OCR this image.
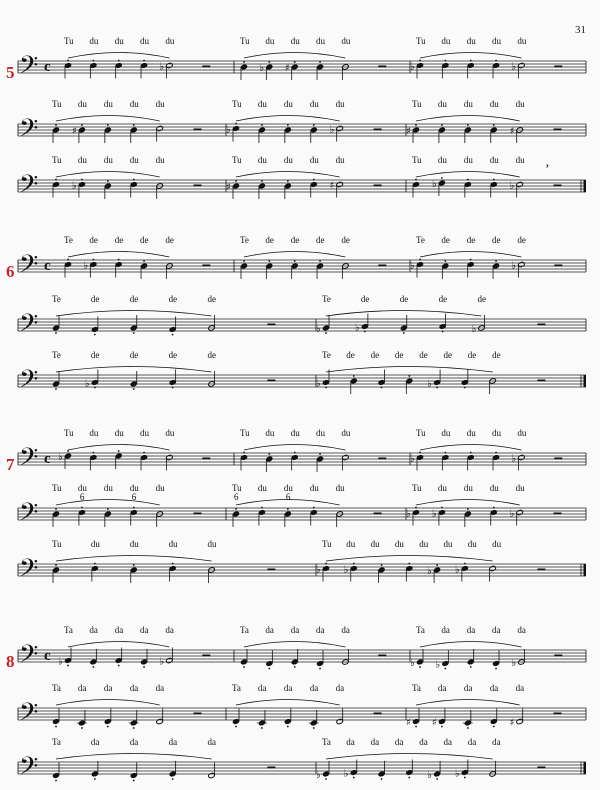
31
5 𝄢 c	♭
Tu du du du du
♭ ♯
Tu du du du du
♭	♭
Tu du du du du
𝄢	♯
Tu du du du du
♭	♭
Tu du du du du
♯	♯
Tu du du du du
𝄢	♭
Tu du du du du
♯	♯
Tu du du du du
♭	♭
Tu du du du du ,
6 𝄢 c	♭
Te de de de de	Te de de de de
♭	♭
Te de de de de
𝄢
Te	de	de	de	de
♭	♭	♭
Te	de	de	de	de
𝄢	♭
Te	de	de	de	de
♭	♭
Te de de de de de de de
7 𝄢 c ♭
Tu du du du du	Tu du du du du
♭	♭
Tu du du du du
𝄢
6	6
Tu du du du du
6	6
Tu du du du du
♭ ♭	♭
Tu du du du du
𝄢
Tu	du	du	du	du
♭ ♭	♭ ♭
Tu du du du du du du du
8 𝄢 c ♭	♭
Ta da da da da	Ta da da da da
♭ ♭	♭
Ta da da da da
𝄢
Ta da da da da	Ta da da da da
♯ ♯	♯
Ta da da da da
𝄢
Ta	da	da	da	da
♭ ♭	♭ ♭
Ta da da da da da da da
